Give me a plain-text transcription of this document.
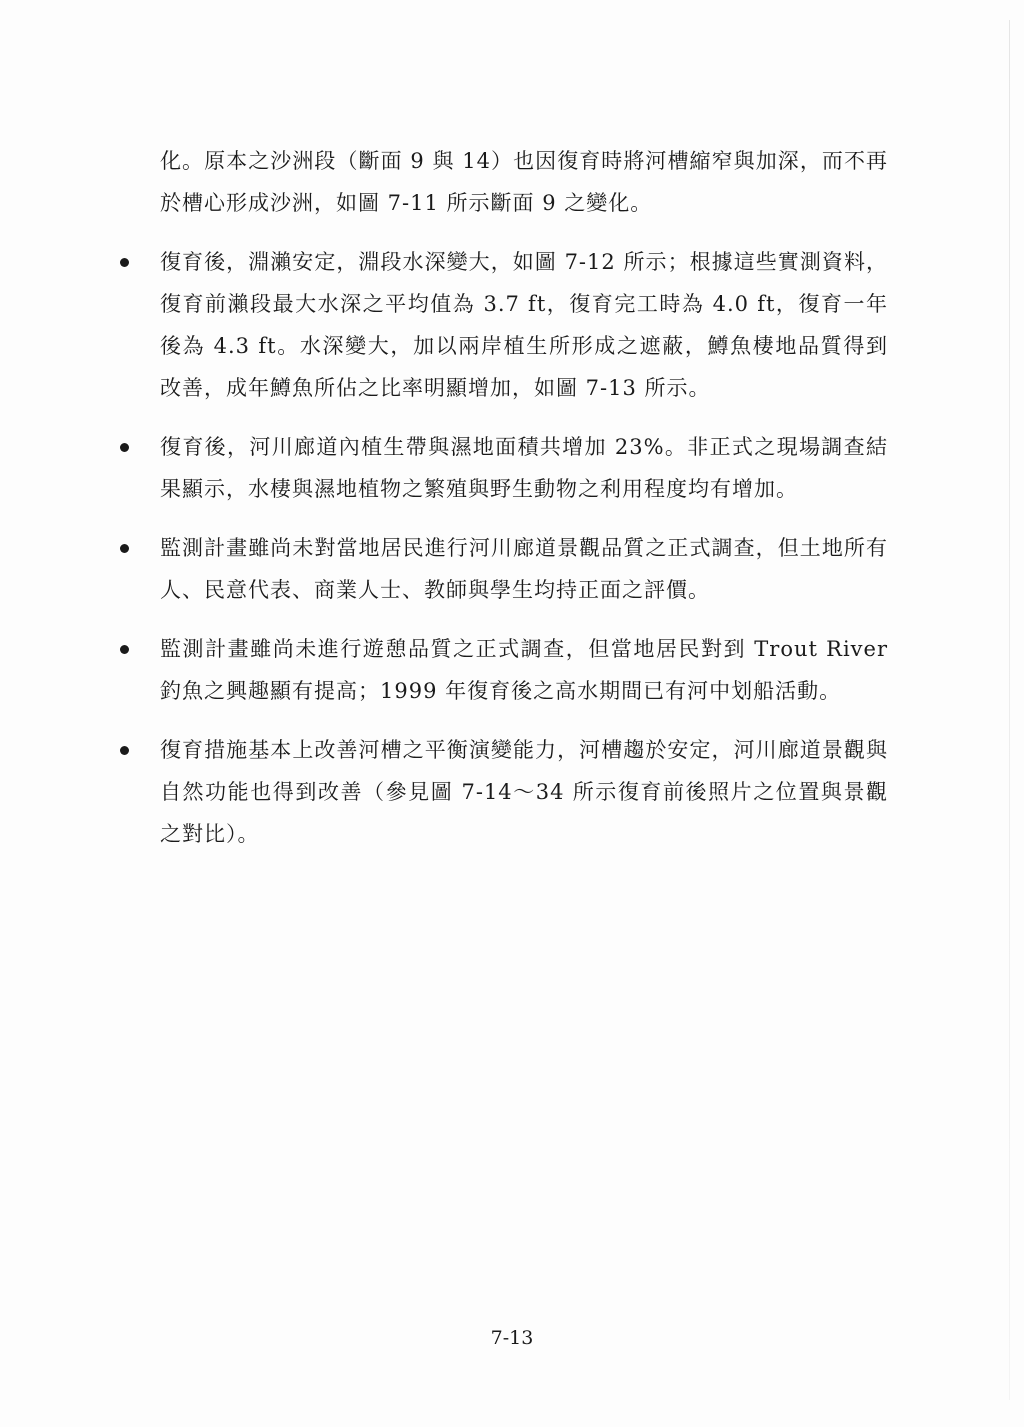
化。原本之沙洲段（斷面 9 與 14）也因復育時將河槽縮窄與加深，而不再於槽心形成沙洲，如圖 7-11 所示斷面 9 之變化。

復育後，淵瀨安定，淵段水深變大，如圖 7-12 所示；根據這些實測資料，復育前瀨段最大水深之平均值為 3.7 ft，復育完工時為 4.0 ft，復育一年後為 4.3 ft。水深變大，加以兩岸植生所形成之遮蔽，鱒魚棲地品質得到改善，成年鱒魚所佔之比率明顯增加，如圖 7-13 所示。

復育後，河川廊道內植生帶與濕地面積共增加 23%。非正式之現場調查結果顯示，水棲與濕地植物之繁殖與野生動物之利用程度均有增加。

監測計畫雖尚未對當地居民進行河川廊道景觀品質之正式調查，但土地所有人、民意代表、商業人士、教師與學生均持正面之評價。

監測計畫雖尚未進行遊憩品質之正式調查，但當地居民對到 Trout River 釣魚之興趣顯有提高；1999 年復育後之高水期間已有河中划船活動。

復育措施基本上改善河槽之平衡演變能力，河槽趨於安定，河川廊道景觀與自然功能也得到改善（參見圖 7-14～34 所示復育前後照片之位置與景觀之對比）。

7-13
